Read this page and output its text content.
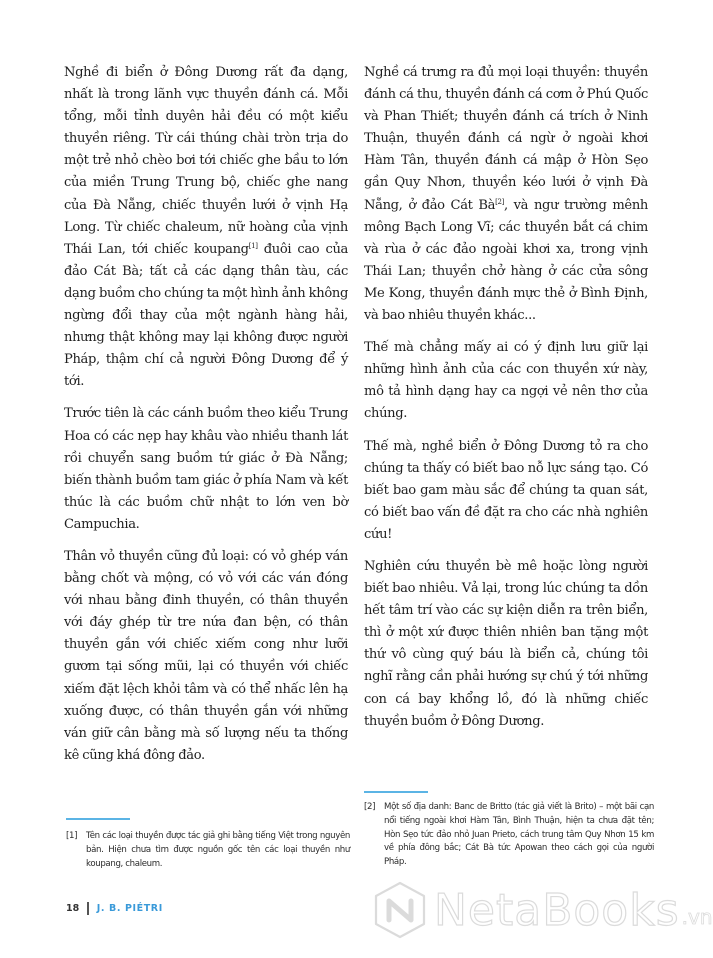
Nghề đi biển ở Đông Dương rất đa dạng, nhất là trong lãnh vực thuyền đánh cá. Mỗi tổng, mỗi tỉnh duyên hải đều có một kiểu thuyền riêng. Từ cái thúng chài tròn trịa do một trẻ nhỏ chèo bơi tới chiếc ghe bầu to lớn của miền Trung Trung bộ, chiếc ghe nang của Đà Nẵng, chiếc thuyền lưới ở vịnh Hạ Long. Từ chiếc chaleum, nữ hoàng của vịnh Thái Lan, tới chiếc koupang[1] đuôi cao của đảo Cát Bà; tất cả các dạng thân tàu, các dạng buồm cho chúng ta một hình ảnh không ngừng đổi thay của một ngành hàng hải, nhưng thật không may lại không được người Pháp, thậm chí cả người Đông Dương để ý tới.

Trước tiên là các cánh buồm theo kiểu Trung Hoa có các nẹp hay khâu vào nhiều thanh lát rồi chuyển sang buồm tứ giác ở Đà Nẵng; biến thành buồm tam giác ở phía Nam và kết thúc là các buồm chữ nhật to lớn ven bờ Campuchia.

Thân vỏ thuyền cũng đủ loại: có vỏ ghép ván bằng chốt và mộng, có vỏ với các ván đóng với nhau bằng đinh thuyền, có thân thuyền với đáy ghép từ tre nứa đan bện, có thân thuyền gắn với chiếc xiếm cong như lưỡi gươm tại sống mũi, lại có thuyền với chiếc xiếm đặt lệch khỏi tâm và có thể nhấc lên hạ xuống được, có thân thuyền gắn với những ván giữ cân bằng mà số lượng nếu ta thống kê cũng khá đông đảo.

Nghề cá trưng ra đủ mọi loại thuyền: thuyền đánh cá thu, thuyền đánh cá cơm ở Phú Quốc và Phan Thiết; thuyền đánh cá trích ở Ninh Thuận, thuyền đánh cá ngừ ở ngoài khơi Hàm Tân, thuyền đánh cá mập ở Hòn Sẹo gần Quy Nhơn, thuyền kéo lưới ở vịnh Đà Nẵng, ở đảo Cát Bà[2], và ngư trường mênh mông Bạch Long Vĩ; các thuyền bắt cá chim và rùa ở các đảo ngoài khơi xa, trong vịnh Thái Lan; thuyền chở hàng ở các cửa sông Me Kong, thuyền đánh mực thẻ ở Bình Định, và bao nhiêu thuyền khác...

Thế mà chẳng mấy ai có ý định lưu giữ lại những hình ảnh của các con thuyền xứ này, mô tả hình dạng hay ca ngợi vẻ nên thơ của chúng.

Thế mà, nghề biển ở Đông Dương tỏ ra cho chúng ta thấy có biết bao nỗ lực sáng tạo. Có biết bao gam màu sắc để chúng ta quan sát, có biết bao vấn đề đặt ra cho các nhà nghiên cứu!

Nghiên cứu thuyền bè mê hoặc lòng người biết bao nhiêu. Vả lại, trong lúc chúng ta dồn hết tâm trí vào các sự kiện diễn ra trên biển, thì ở một xứ được thiên nhiên ban tặng một thứ vô cùng quý báu là biển cả, chúng tôi nghĩ rằng cần phải hướng sự chú ý tới những con cá bay khổng lồ, đó là những chiếc thuyền buồm ở Đông Dương.

[1] Tên các loại thuyền được tác giả ghi bằng tiếng Việt trong nguyên bản. Hiện chưa tìm được nguồn gốc tên các loại thuyền như koupang, chaleum.
[2] Một số địa danh: Banc de Britto (tác giả viết là Brito) – một bãi cạn nổi tiếng ngoài khơi Hàm Tân, Bình Thuận, hiện ta chưa đặt tên; Hòn Sẹo tức đảo nhỏ Juan Prieto, cách trung tâm Quy Nhơn 15 km về phía đông bắc; Cát Bà tức Apowan theo cách gọi của người Pháp.
18 J. B. PIÉTRI	NetaBooks .vn
